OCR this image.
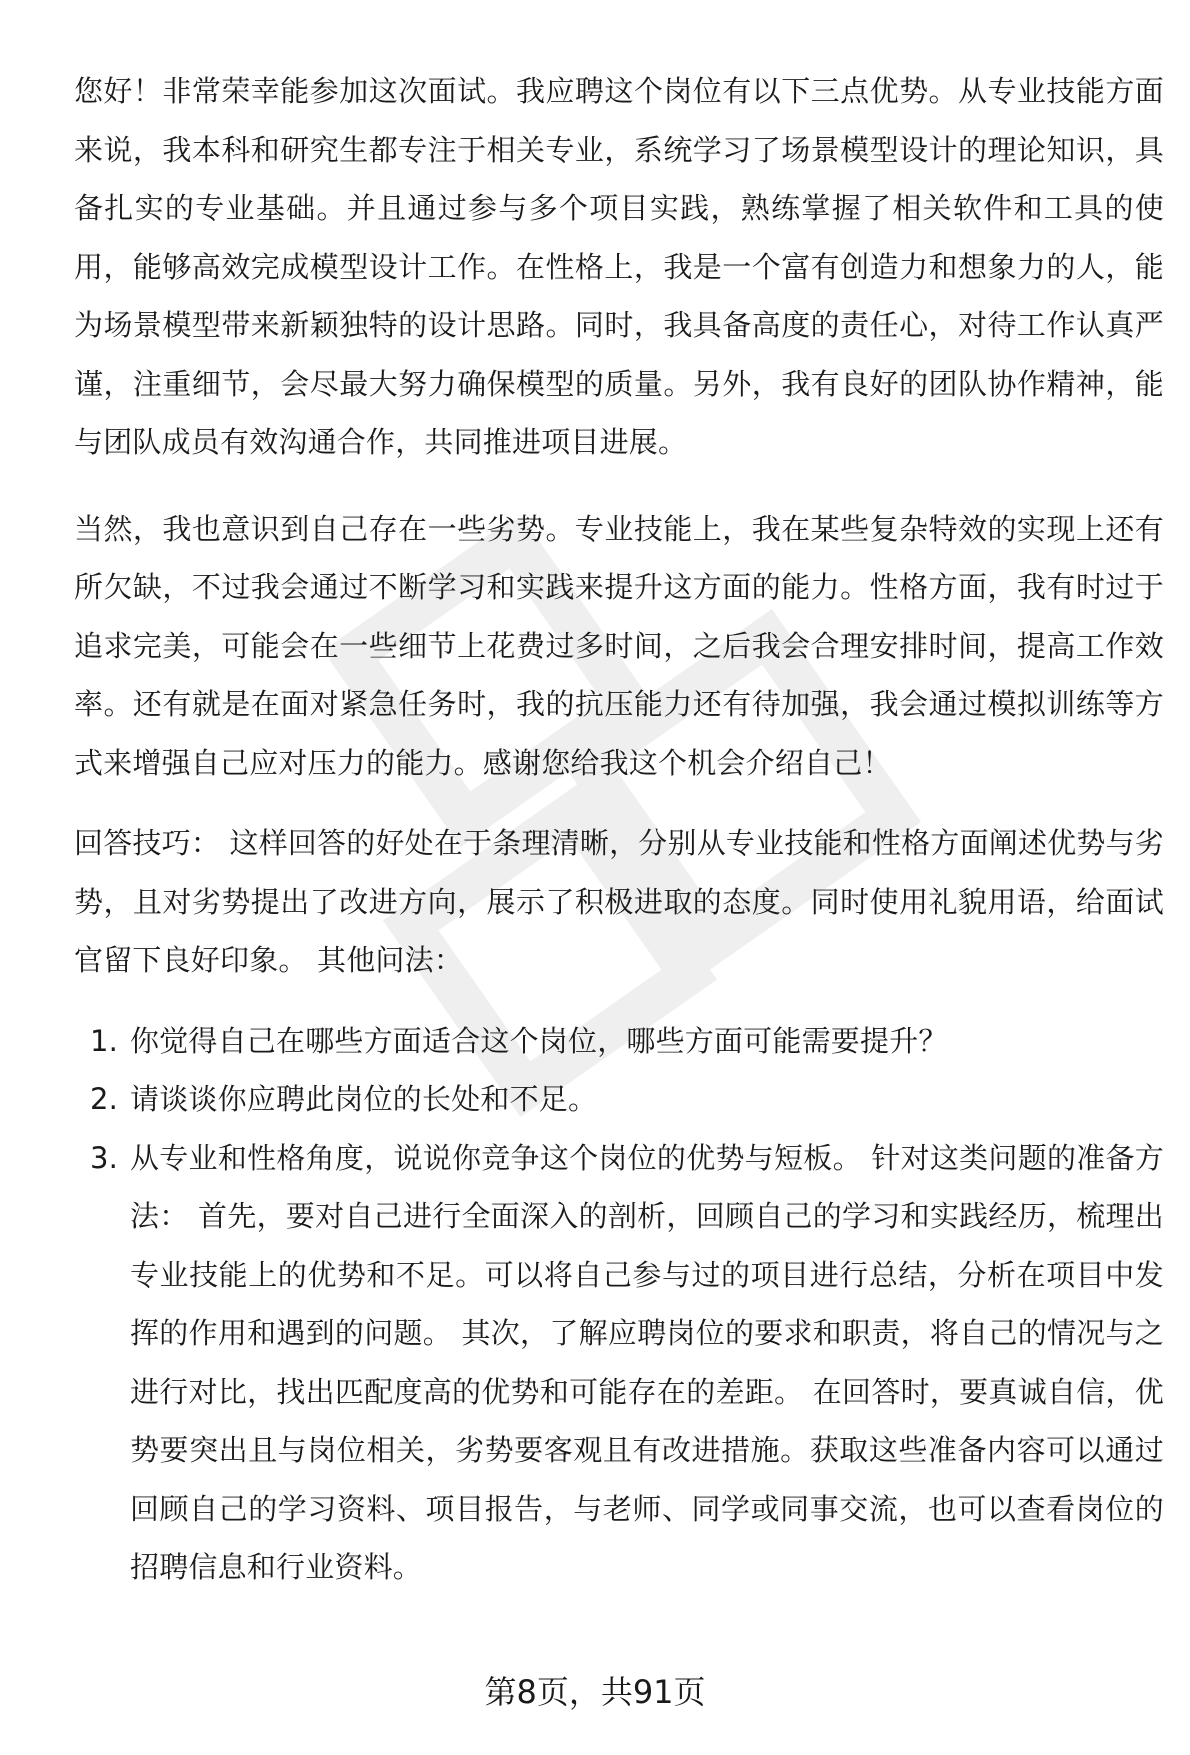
您好！非常荣幸能参加这次面试。我应聘这个岗位有以下三点优势。从专业技能方面来说，我本科和研究生都专注于相关专业，系统学习了场景模型设计的理论知识，具备扎实的专业基础。并且通过参与多个项目实践，熟练掌握了相关软件和工具的使用，能够高效完成模型设计工作。在性格上，我是一个富有创造力和想象力的人，能为场景模型带来新颖独特的设计思路。同时，我具备高度的责任心，对待工作认真严谨，注重细节，会尽最大努力确保模型的质量。另外，我有良好的团队协作精神，能与团队成员有效沟通合作，共同推进项目进展。

当然，我也意识到自己存在一些劣势。专业技能上，我在某些复杂特效的实现上还有所欠缺，不过我会通过不断学习和实践来提升这方面的能力。性格方面，我有时过于追求完美，可能会在一些细节上花费过多时间，之后我会合理安排时间，提高工作效率。还有就是在面对紧急任务时，我的抗压能力还有待加强，我会通过模拟训练等方式来增强自己应对压力的能力。感谢您给我这个机会介绍自己！

回答技巧： 这样回答的好处在于条理清晰，分别从专业技能和性格方面阐述优势与劣势，且对劣势提出了改进方向，展示了积极进取的态度。同时使用礼貌用语，给面试官留下良好印象。 其他问法：

1. 你觉得自己在哪些方面适合这个岗位，哪些方面可能需要提升？
2. 请谈谈你应聘此岗位的长处和不足。
3. 从专业和性格角度，说说你竞争这个岗位的优势与短板。 针对这类问题的准备方法： 首先，要对自己进行全面深入的剖析，回顾自己的学习和实践经历，梳理出专业技能上的优势和不足。可以将自己参与过的项目进行总结，分析在项目中发挥的作用和遇到的问题。 其次，了解应聘岗位的要求和职责，将自己的情况与之进行对比，找出匹配度高的优势和可能存在的差距。 在回答时，要真诚自信，优势要突出且与岗位相关，劣势要客观且有改进措施。获取这些准备内容可以通过回顾自己的学习资料、项目报告，与老师、同学或同事交流，也可以查看岗位的招聘信息和行业资料。
第8页，共91页
